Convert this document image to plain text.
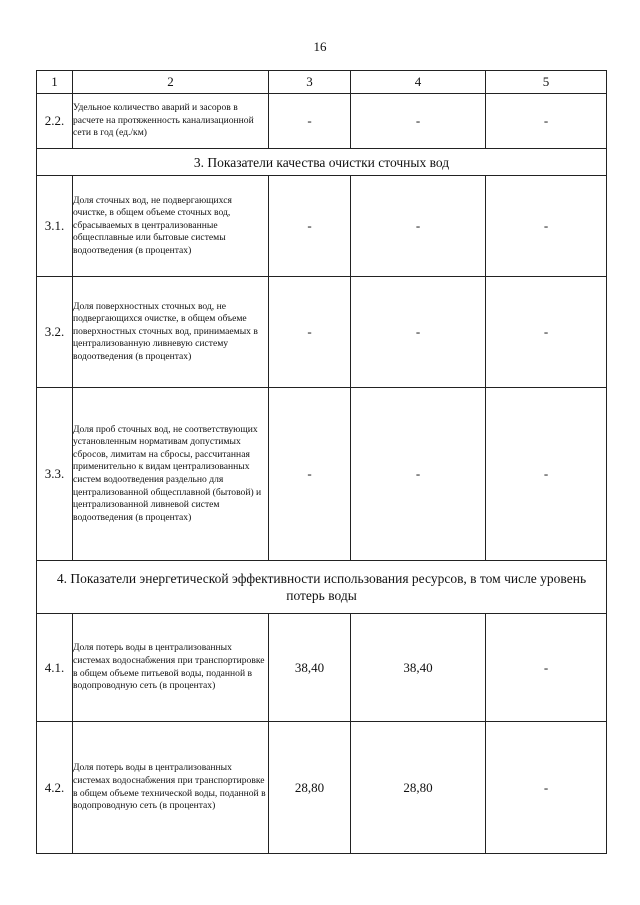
16
1	2	3	4	5
2.2.	Удельное количество аварий и засоров в расчете на протяженность канализационной сети в год (ед./км)	-	-	-
3. Показатели качества очистки сточных вод				
3.1.	Доля сточных вод, не подвергающихся очистке, в общем объеме сточных вод, сбрасываемых в централизованные общесплавные или бытовые системы водоотведения (в процентах)	-	-	-
3.2.	Доля поверхностных сточных вод, не подвергающихся очистке, в общем объеме поверхностных сточных вод, принимаемых в централизованную ливневую систему водоотведения (в процентах)	-	-	-
3.3.	Доля проб сточных вод, не соответствующих установленным нормативам допустимых сбросов, лимитам на сбросы, рассчитанная применительно к видам централизованных систем водоотведения раздельно для централизованной общесплавной (бытовой) и централизованной ливневой систем водоотведения (в процентах)	-	-	-
4. Показатели энергетической эффективности использования ресурсов, в том числе уровень потерь воды				
4.1.	Доля потерь воды в централизованных системах водоснабжения при транспортировке в общем объеме питьевой воды, поданной в водопроводную сеть (в процентах)	38,40	38,40	-
4.2.	Доля потерь воды в централизованных системах водоснабжения при транспортировке в общем объеме технической воды, поданной в водопроводную сеть (в процентах)	28,80	28,80	-
